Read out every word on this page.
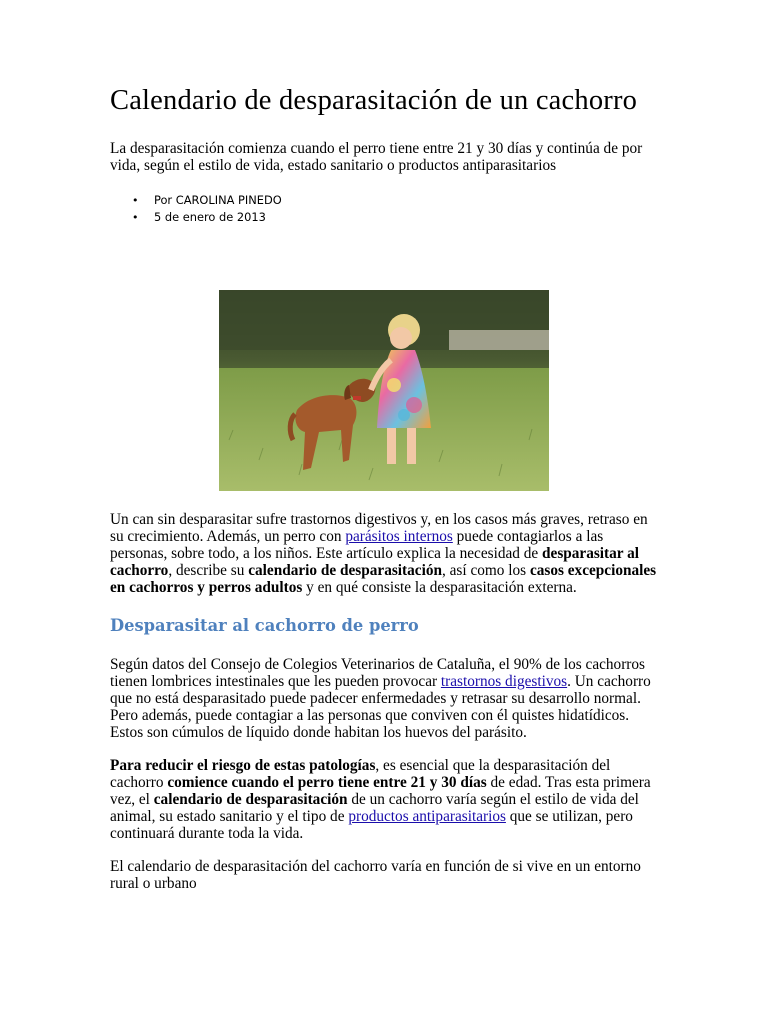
Calendario de desparasitación de un cachorro

La desparasitación comienza cuando el perro tiene entre 21 y 30 días y continúa de por vida, según el estilo de vida, estado sanitario o productos antiparasitarios

• Por CAROLINA PINEDO
• 5 de enero de 2013

Un can sin desparasitar sufre trastornos digestivos y, en los casos más graves, retraso en su crecimiento. Además, un perro con parásitos internos puede contagiarlos a las personas, sobre todo, a los niños. Este artículo explica la necesidad de desparasitar al cachorro, describe su calendario de desparasitación, así como los casos excepcionales en cachorros y perros adultos y en qué consiste la desparasitación externa.

Desparasitar al cachorro de perro

Según datos del Consejo de Colegios Veterinarios de Cataluña, el 90% de los cachorros tienen lombrices intestinales que les pueden provocar trastornos digestivos. Un cachorro que no está desparasitado puede padecer enfermedades y retrasar su desarrollo normal. Pero además, puede contagiar a las personas que conviven con él quistes hidatídicos. Estos son cúmulos de líquido donde habitan los huevos del parásito.

Para reducir el riesgo de estas patologías, es esencial que la desparasitación del cachorro comience cuando el perro tiene entre 21 y 30 días de edad. Tras esta primera vez, el calendario de desparasitación de un cachorro varía según el estilo de vida del animal, su estado sanitario y el tipo de productos antiparasitarios que se utilizan, pero continuará durante toda la vida.

El calendario de desparasitación del cachorro varía en función de si vive en un entorno rural o urbano
